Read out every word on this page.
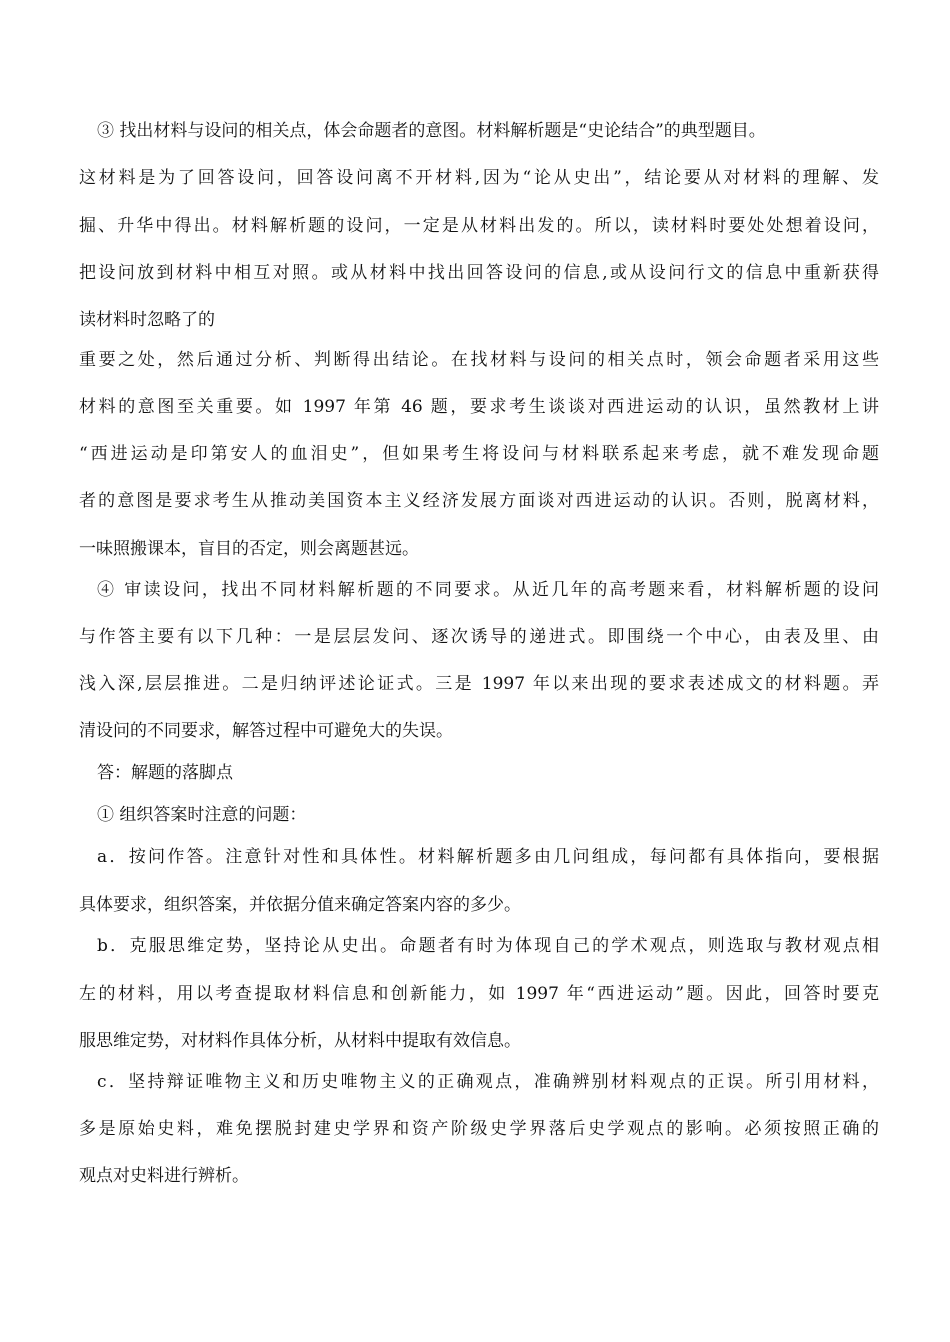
③ 找出材料与设问的相关点，体会命题者的意图。材料解析题是“史论结合”的典型题目。
这材料是为了回答设问，回答设问离不开材料,因为“论从史出”，结论要从对材料的理解、发
掘、升华中得出。材料解析题的设问，一定是从材料出发的。所以，读材料时要处处想着设问，
把设问放到材料中相互对照。或从材料中找出回答设问的信息,或从设问行文的信息中重新获得
读材料时忽略了的
重要之处，然后通过分析、判断得出结论。在找材料与设问的相关点时，领会命题者采用这些
材料的意图至关重要。如 1997 年第 46 题，要求考生谈谈对西进运动的认识，虽然教材上讲
“西进运动是印第安人的血泪史”，但如果考生将设问与材料联系起来考虑，就不难发现命题
者的意图是要求考生从推动美国资本主义经济发展方面谈对西进运动的认识。否则，脱离材料，
一味照搬课本，盲目的否定，则会离题甚远。
④ 审读设问，找出不同材料解析题的不同要求。从近几年的高考题来看，材料解析题的设问
与作答主要有以下几种：一是层层发问、逐次诱导的递进式。即围绕一个中心，由表及里、由
浅入深,层层推进。二是归纳评述论证式。三是 1997 年以来出现的要求表述成文的材料题。弄
清设问的不同要求，解答过程中可避免大的失误。
答：解题的落脚点
① 组织答案时注意的问题：
a．按问作答。注意针对性和具体性。材料解析题多由几问组成，每问都有具体指向，要根据
具体要求，组织答案，并依据分值来确定答案内容的多少。
b．克服思维定势，坚持论从史出。命题者有时为体现自己的学术观点，则选取与教材观点相
左的材料，用以考查提取材料信息和创新能力，如 1997 年“西进运动”题。因此，回答时要克
服思维定势，对材料作具体分析，从材料中提取有效信息。
c．坚持辩证唯物主义和历史唯物主义的正确观点，准确辨别材料观点的正误。所引用材料，
多是原始史料，难免摆脱封建史学界和资产阶级史学界落后史学观点的影响。必须按照正确的
观点对史料进行辨析。
